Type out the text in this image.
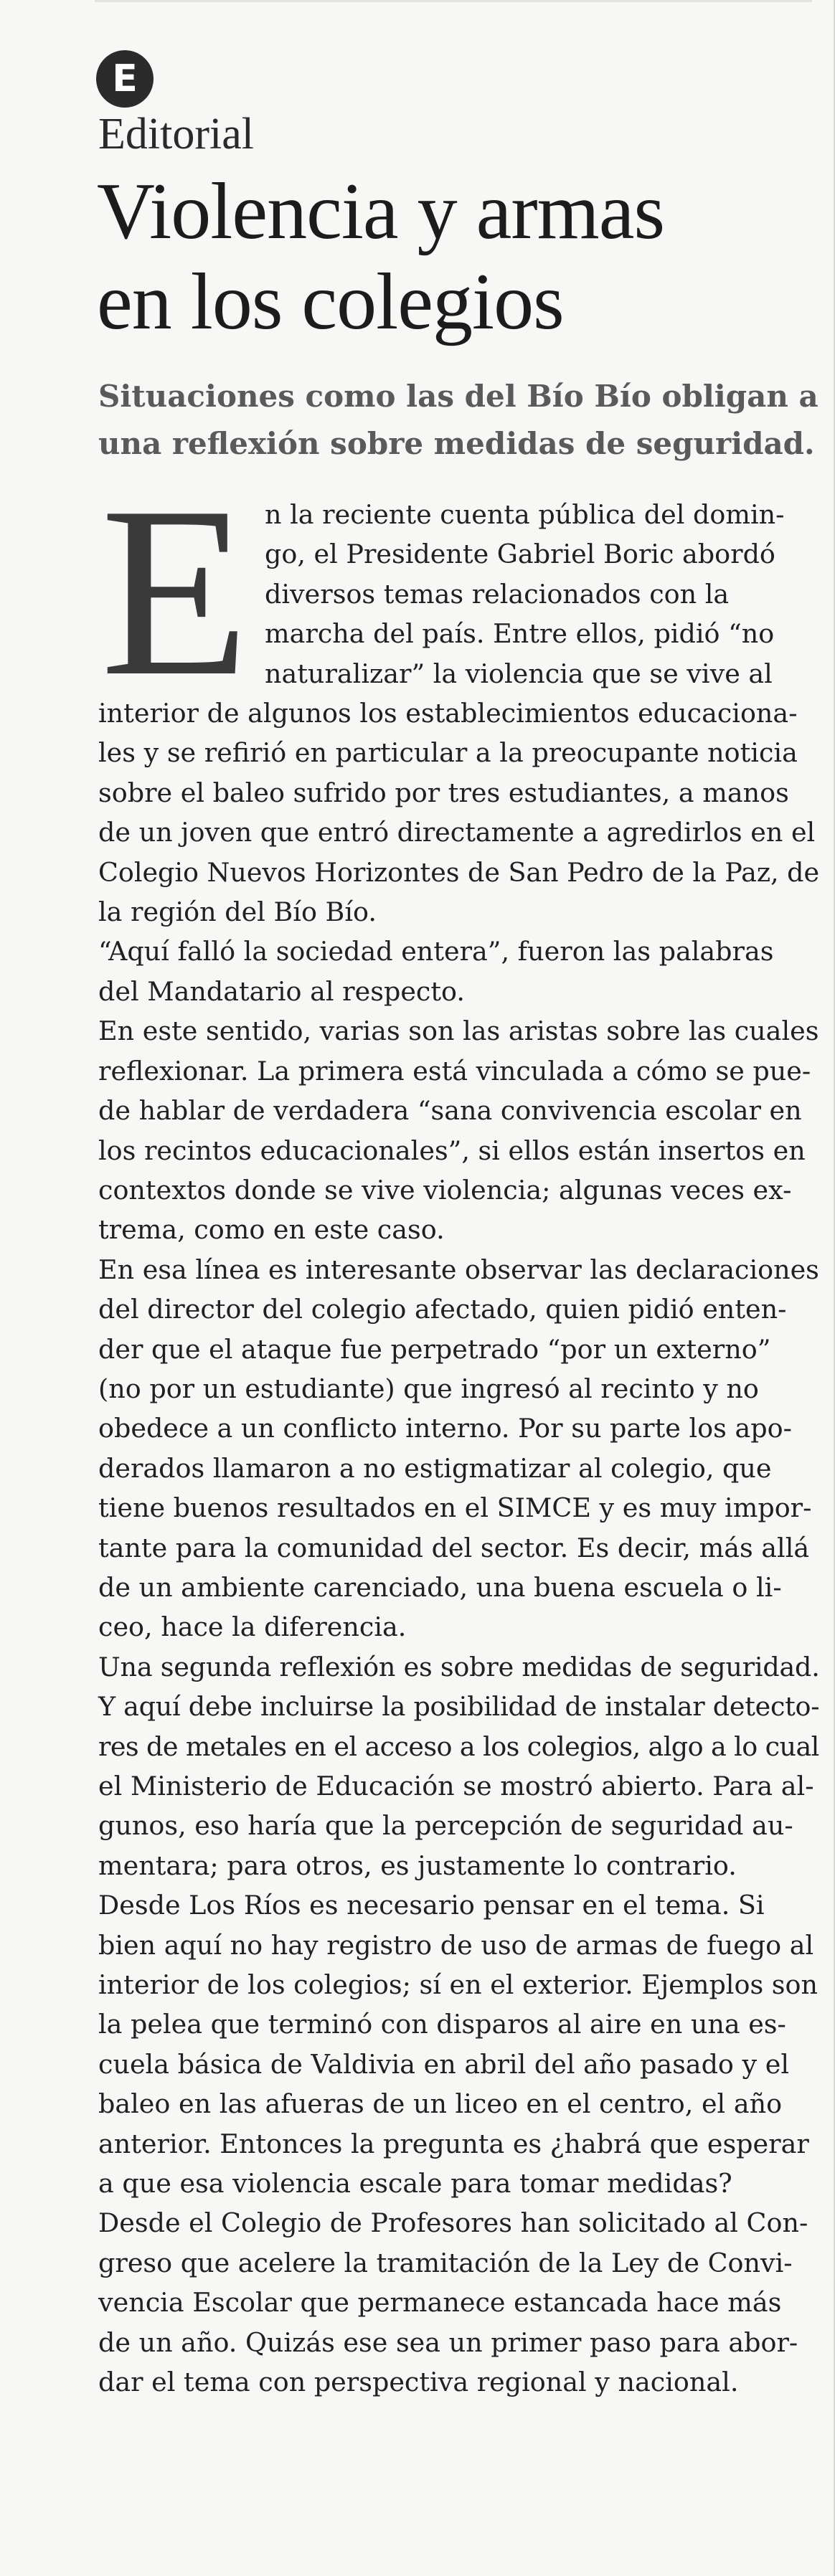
E
Editorial
Violencia y armas
en los colegios

Situaciones como las del Bío Bío obligan a
una reflexión sobre medidas de seguridad.

E n la reciente cuenta pública del domin-
go, el Presidente Gabriel Boric abordó
diversos temas relacionados con la
marcha del país. Entre ellos, pidió “no
naturalizar” la violencia que se vive al
interior de algunos los establecimientos educaciona-
les y se refirió en particular a la preocupante noticia
sobre el baleo sufrido por tres estudiantes, a manos
de un joven que entró directamente a agredirlos en el
Colegio Nuevos Horizontes de San Pedro de la Paz, de
la región del Bío Bío.
“Aquí falló la sociedad entera”, fueron las palabras
del Mandatario al respecto.
En este sentido, varias son las aristas sobre las cuales
reflexionar. La primera está vinculada a cómo se pue-
de hablar de verdadera “sana convivencia escolar en
los recintos educacionales”, si ellos están insertos en
contextos donde se vive violencia; algunas veces ex-
trema, como en este caso.
En esa línea es interesante observar las declaraciones
del director del colegio afectado, quien pidió enten-
der que el ataque fue perpetrado “por un externo”
(no por un estudiante) que ingresó al recinto y no
obedece a un conflicto interno. Por su parte los apo-
derados llamaron a no estigmatizar al colegio, que
tiene buenos resultados en el SIMCE y es muy impor-
tante para la comunidad del sector. Es decir, más allá
de un ambiente carenciado, una buena escuela o li-
ceo, hace la diferencia.
Una segunda reflexión es sobre medidas de seguridad.
Y aquí debe incluirse la posibilidad de instalar detecto-
res de metales en el acceso a los colegios, algo a lo cual
el Ministerio de Educación se mostró abierto. Para al-
gunos, eso haría que la percepción de seguridad au-
mentara; para otros, es justamente lo contrario.
Desde Los Ríos es necesario pensar en el tema. Si
bien aquí no hay registro de uso de armas de fuego al
interior de los colegios; sí en el exterior. Ejemplos son
la pelea que terminó con disparos al aire en una es-
cuela básica de Valdivia en abril del año pasado y el
baleo en las afueras de un liceo en el centro, el año
anterior. Entonces la pregunta es ¿habrá que esperar
a que esa violencia escale para tomar medidas?
Desde el Colegio de Profesores han solicitado al Con-
greso que acelere la tramitación de la Ley de Convi-
vencia Escolar que permanece estancada hace más
de un año. Quizás ese sea un primer paso para abor-
dar el tema con perspectiva regional y nacional.
